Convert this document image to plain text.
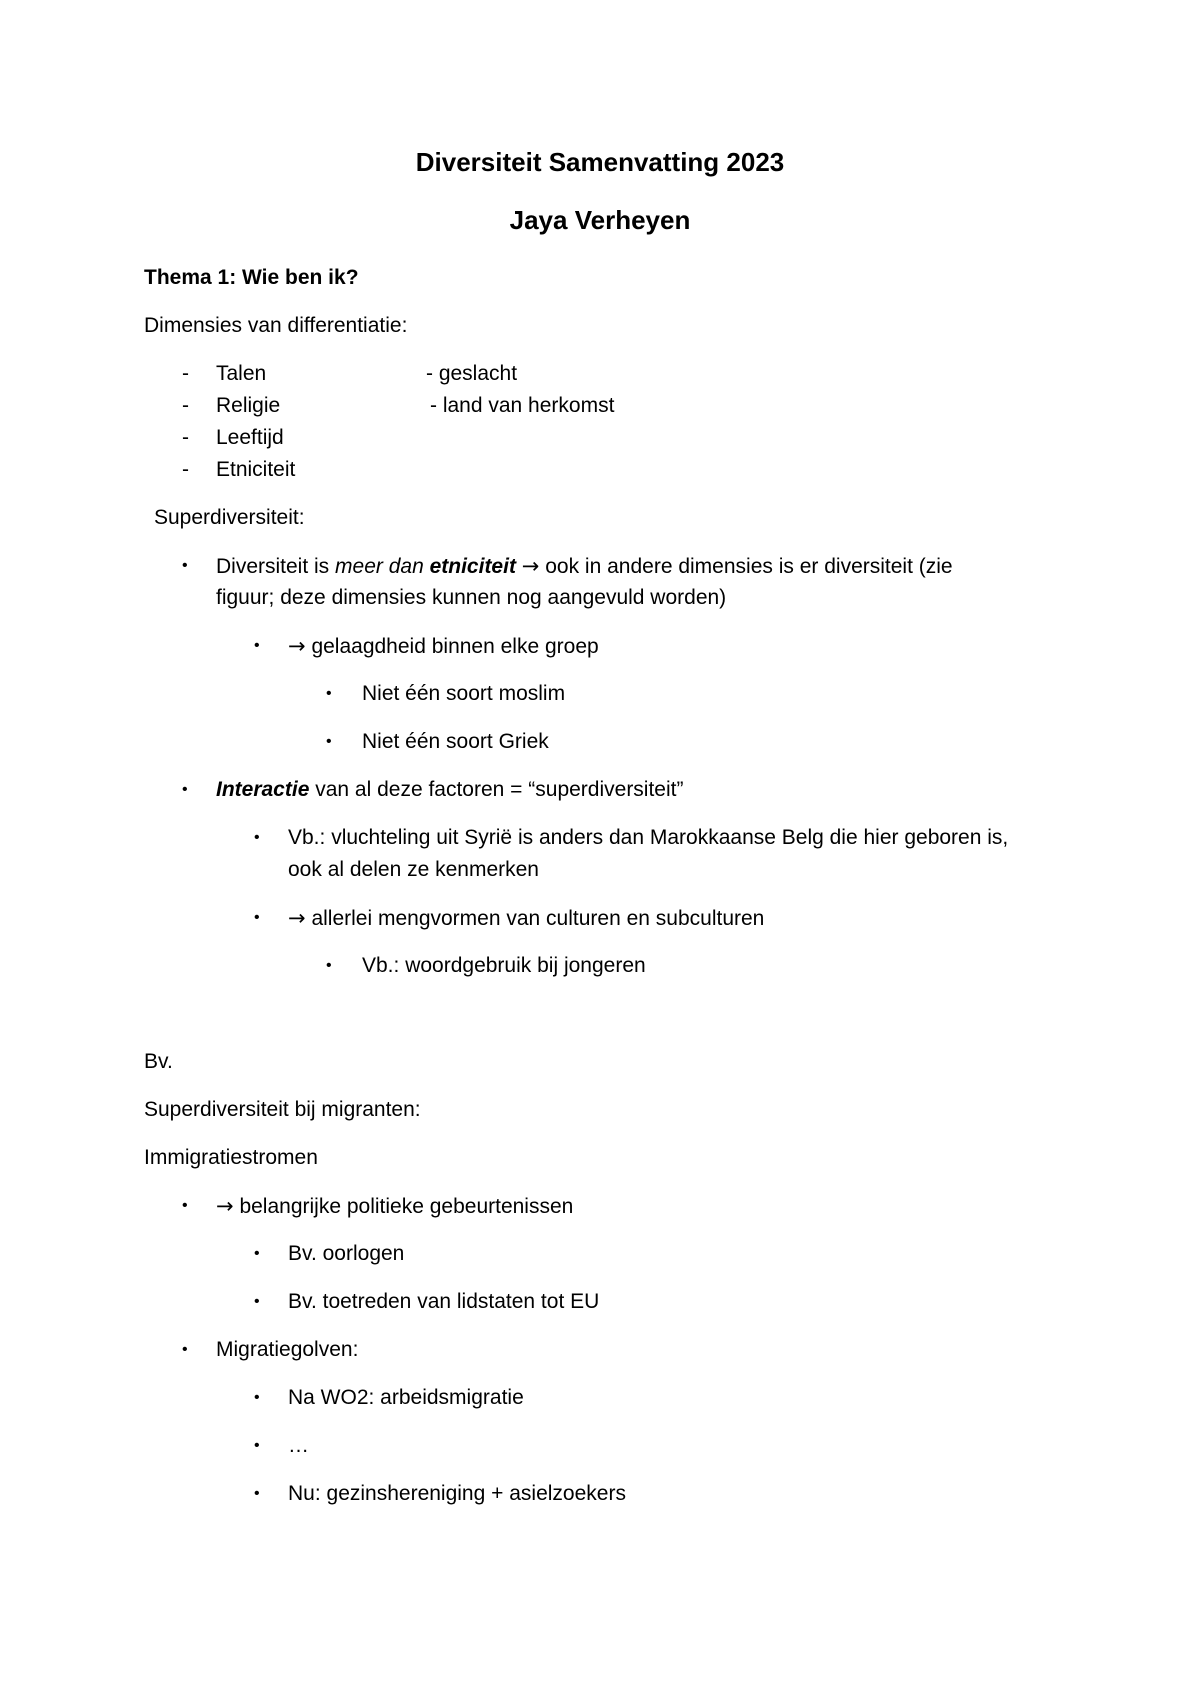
Diversiteit Samenvatting 2023
Jaya Verheyen
Thema 1: Wie ben ik?
Dimensies van differentiatie:
- Talen	- geslacht
- Religie	- land van herkomst
- Leeftijd
- Etniciteit
Superdiversiteit:
• Diversiteit is meer dan etniciteit → ook in andere dimensies is er diversiteit (zie
figuur; deze dimensies kunnen nog aangevuld worden)
• → gelaagdheid binnen elke groep
• Niet één soort moslim
• Niet één soort Griek
• Interactie van al deze factoren = “superdiversiteit”
• Vb.: vluchteling uit Syrië is anders dan Marokkaanse Belg die hier geboren is,
ook al delen ze kenmerken
• → allerlei mengvormen van culturen en subculturen
• Vb.: woordgebruik bij jongeren
Bv.
Superdiversiteit bij migranten:
Immigratiestromen
• → belangrijke politieke gebeurtenissen
• Bv. oorlogen
• Bv. toetreden van lidstaten tot EU
• Migratiegolven:
• Na WO2: arbeidsmigratie
• …
• Nu: gezinshereniging + asielzoekers
